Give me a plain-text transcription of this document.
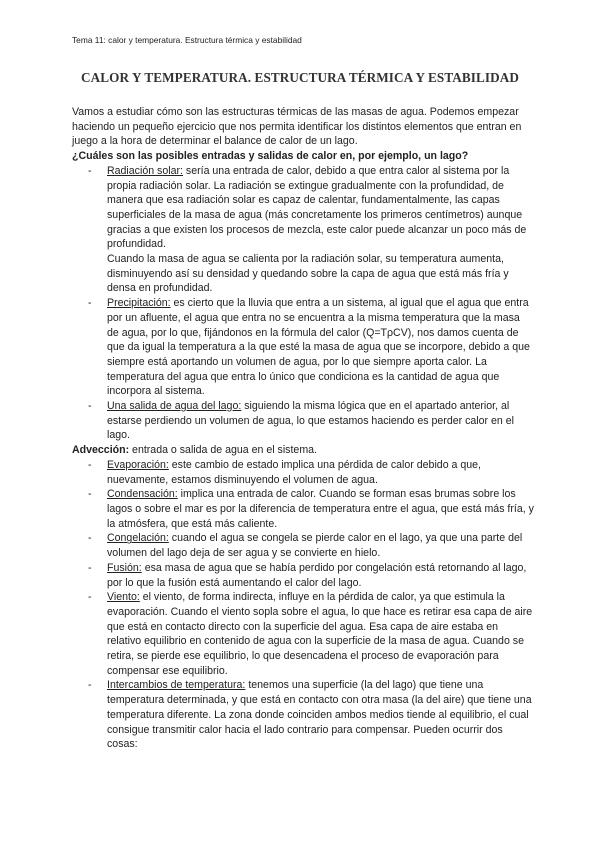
Tema 11: calor y temperatura. Estructura térmica y estabilidad
CALOR Y TEMPERATURA. ESTRUCTURA TÉRMICA Y ESTABILIDAD

Vamos a estudiar cómo son las estructuras térmicas de las masas de agua. Podemos empezar haciendo un pequeño ejercicio que nos permita identificar los distintos elementos que entran en juego a la hora de determinar el balance de calor de un lago.

¿Cuáles son las posibles entradas y salidas de calor en, por ejemplo, un lago?

- Radiación solar: sería una entrada de calor, debido a que entra calor al sistema por la propia radiación solar. La radiación se extingue gradualmente con la profundidad, de manera que esa radiación solar es capaz de calentar, fundamentalmente, las capas superficiales de la masa de agua (más concretamente los primeros centímetros) aunque gracias a que existen los procesos de mezcla, este calor puede alcanzar un poco más de profundidad.

Cuando la masa de agua se calienta por la radiación solar, su temperatura aumenta, disminuyendo así su densidad y quedando sobre la capa de agua que está más fría y densa en profundidad.

- Precipitación: es cierto que la lluvia que entra a un sistema, al igual que el agua que entra por un afluente, el agua que entra no se encuentra a la misma temperatura que la masa de agua, por lo que, fijándonos en la fórmula del calor (Q=TρCV), nos damos cuenta de que da igual la temperatura a la que esté la masa de agua que se incorpore, debido a que siempre está aportando un volumen de agua, por lo que siempre aporta calor. La temperatura del agua que entra lo único que condiciona es la cantidad de agua que incorpora al sistema.
- Una salida de agua del lago: siguiendo la misma lógica que en el apartado anterior, al estarse perdiendo un volumen de agua, lo que estamos haciendo es perder calor en el lago.

Advección: entrada o salida de agua en el sistema.

- Evaporación: este cambio de estado implica una pérdida de calor debido a que, nuevamente, estamos disminuyendo el volumen de agua.
- Condensación: implica una entrada de calor. Cuando se forman esas brumas sobre los lagos o sobre el mar es por la diferencia de temperatura entre el agua, que está más fría, y la atmósfera, que está más caliente.
- Congelación: cuando el agua se congela se pierde calor en el lago, ya que una parte del volumen del lago deja de ser agua y se convierte en hielo.
- Fusión: esa masa de agua que se había perdido por congelación está retornando al lago, por lo que la fusión está aumentando el calor del lago.
- Viento: el viento, de forma indirecta, influye en la pérdida de calor, ya que estimula la evaporación. Cuando el viento sopla sobre el agua, lo que hace es retirar esa capa de aire que está en contacto directo con la superficie del agua. Esa capa de aire estaba en relativo equilibrio en contenido de agua con la superficie de la masa de agua. Cuando se retira, se pierde ese equilibrio, lo que desencadena el proceso de evaporación para compensar ese equilibrio.
- Intercambios de temperatura: tenemos una superficie (la del lago) que tiene una temperatura determinada, y que está en contacto con otra masa (la del aire) que tiene una temperatura diferente. La zona donde coinciden ambos medios tiende al equilibrio, el cual consigue transmitir calor hacia el lado contrario para compensar. Pueden ocurrir dos cosas:
